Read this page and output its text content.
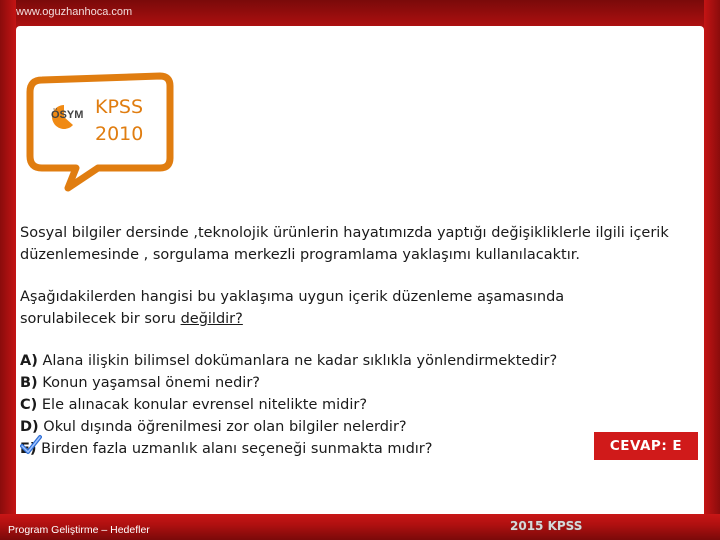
www.oguzhanhoca.com
ÖSYM KPSS
2010
Sosyal bilgiler dersinde ,teknolojik ürünlerin hayatımızda yaptığı değişikliklerle ilgili içerik
düzenlemesinde , sorgulama merkezli programlama yaklaşımı kullanılacaktır.
Aşağıdakilerden hangisi bu yaklaşıma uygun içerik düzenleme aşamasında
sorulabilecek bir soru değildir?
A) Alana ilişkin bilimsel dokümanlara ne kadar sıklıkla yönlendirmektedir?
B) Konun yaşamsal önemi nedir?
C) Ele alınacak konular evrensel nitelikte midir?
D) Okul dışında öğrenilmesi zor olan bilgiler nelerdir?
E) Birden fazla uzmanlık alanı seçeneği sunmakta mıdır?	CEVAP: E
Program Geliştirme – Hedefler	2015 KPSS
